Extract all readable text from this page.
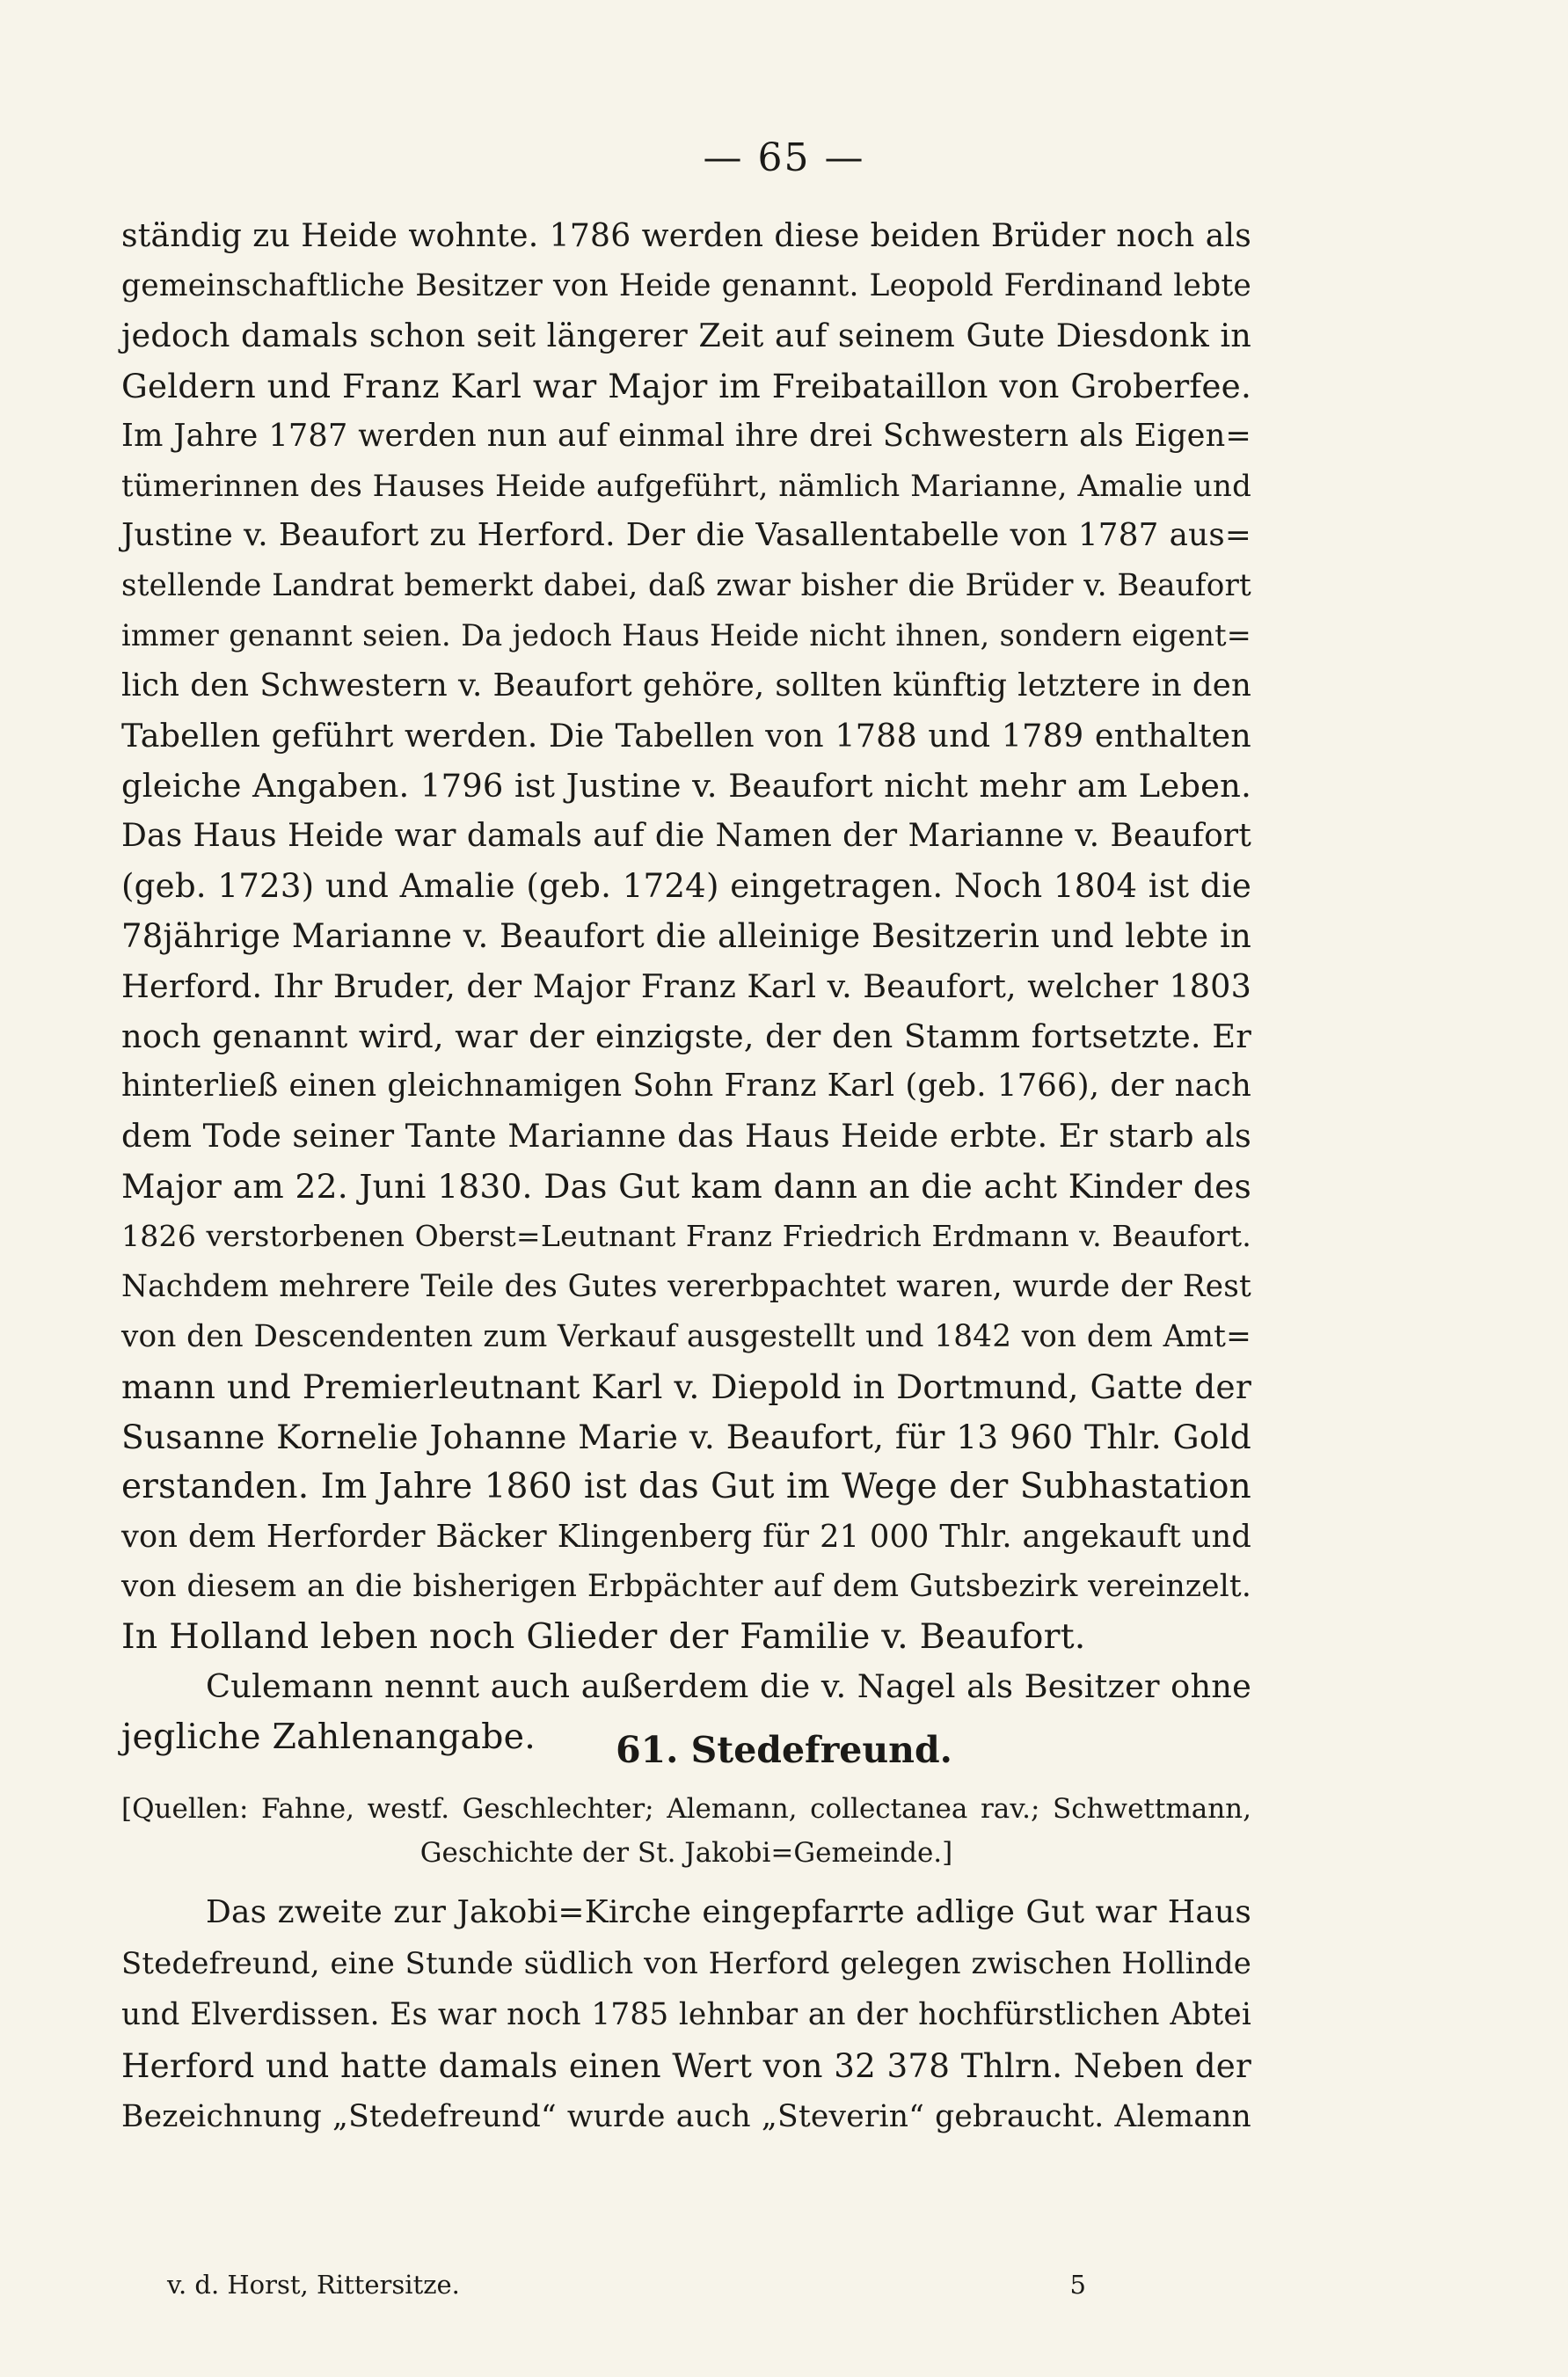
— 65 —
ständig zu Heide wohnte. 1786 werden diese beiden Brüder noch als
gemeinschaftliche Besitzer von Heide genannt. Leopold Ferdinand lebte
jedoch damals schon seit längerer Zeit auf seinem Gute Diesdonk in
Geldern und Franz Karl war Major im Freibataillon von Groberfee.
Im Jahre 1787 werden nun auf einmal ihre drei Schwestern als Eigen=
tümerinnen des Hauses Heide aufgeführt, nämlich Marianne, Amalie und
Justine v. Beaufort zu Herford. Der die Vasallentabelle von 1787 aus=
stellende Landrat bemerkt dabei, daß zwar bisher die Brüder v. Beaufort
immer genannt seien. Da jedoch Haus Heide nicht ihnen, sondern eigent=
lich den Schwestern v. Beaufort gehöre, sollten künftig letztere in den
Tabellen geführt werden. Die Tabellen von 1788 und 1789 enthalten
gleiche Angaben. 1796 ist Justine v. Beaufort nicht mehr am Leben.
Das Haus Heide war damals auf die Namen der Marianne v. Beaufort
(geb. 1723) und Amalie (geb. 1724) eingetragen. Noch 1804 ist die
78jährige Marianne v. Beaufort die alleinige Besitzerin und lebte in
Herford. Ihr Bruder, der Major Franz Karl v. Beaufort, welcher 1803
noch genannt wird, war der einzigste, der den Stamm fortsetzte. Er
hinterließ einen gleichnamigen Sohn Franz Karl (geb. 1766), der nach
dem Tode seiner Tante Marianne das Haus Heide erbte. Er starb als
Major am 22. Juni 1830. Das Gut kam dann an die acht Kinder des
1826 verstorbenen Oberst=Leutnant Franz Friedrich Erdmann v. Beaufort.
Nachdem mehrere Teile des Gutes vererbpachtet waren, wurde der Rest
von den Descendenten zum Verkauf ausgestellt und 1842 von dem Amt=
mann und Premierleutnant Karl v. Diepold in Dortmund, Gatte der
Susanne Kornelie Johanne Marie v. Beaufort, für 13 960 Thlr. Gold
erstanden. Im Jahre 1860 ist das Gut im Wege der Subhastation
von dem Herforder Bäcker Klingenberg für 21 000 Thlr. angekauft und
von diesem an die bisherigen Erbpächter auf dem Gutsbezirk vereinzelt.
In Holland leben noch Glieder der Familie v. Beaufort.
Culemann nennt auch außerdem die v. Nagel als Besitzer ohne
jegliche Zahlenangabe.	61. Stedefreund.
[Quellen: Fahne, westf. Geschlechter; Alemann, collectanea rav.; Schwettmann,
Geschichte der St. Jakobi=Gemeinde.]
Das zweite zur Jakobi=Kirche eingepfarrte adlige Gut war Haus
Stedefreund, eine Stunde südlich von Herford gelegen zwischen Hollinde
und Elverdissen. Es war noch 1785 lehnbar an der hochfürstlichen Abtei
Herford und hatte damals einen Wert von 32 378 Thlrn. Neben der
Bezeichnung „Stedefreund“ wurde auch „Steverin“ gebraucht. Alemann
v. d. Horst, Rittersitze.	5
